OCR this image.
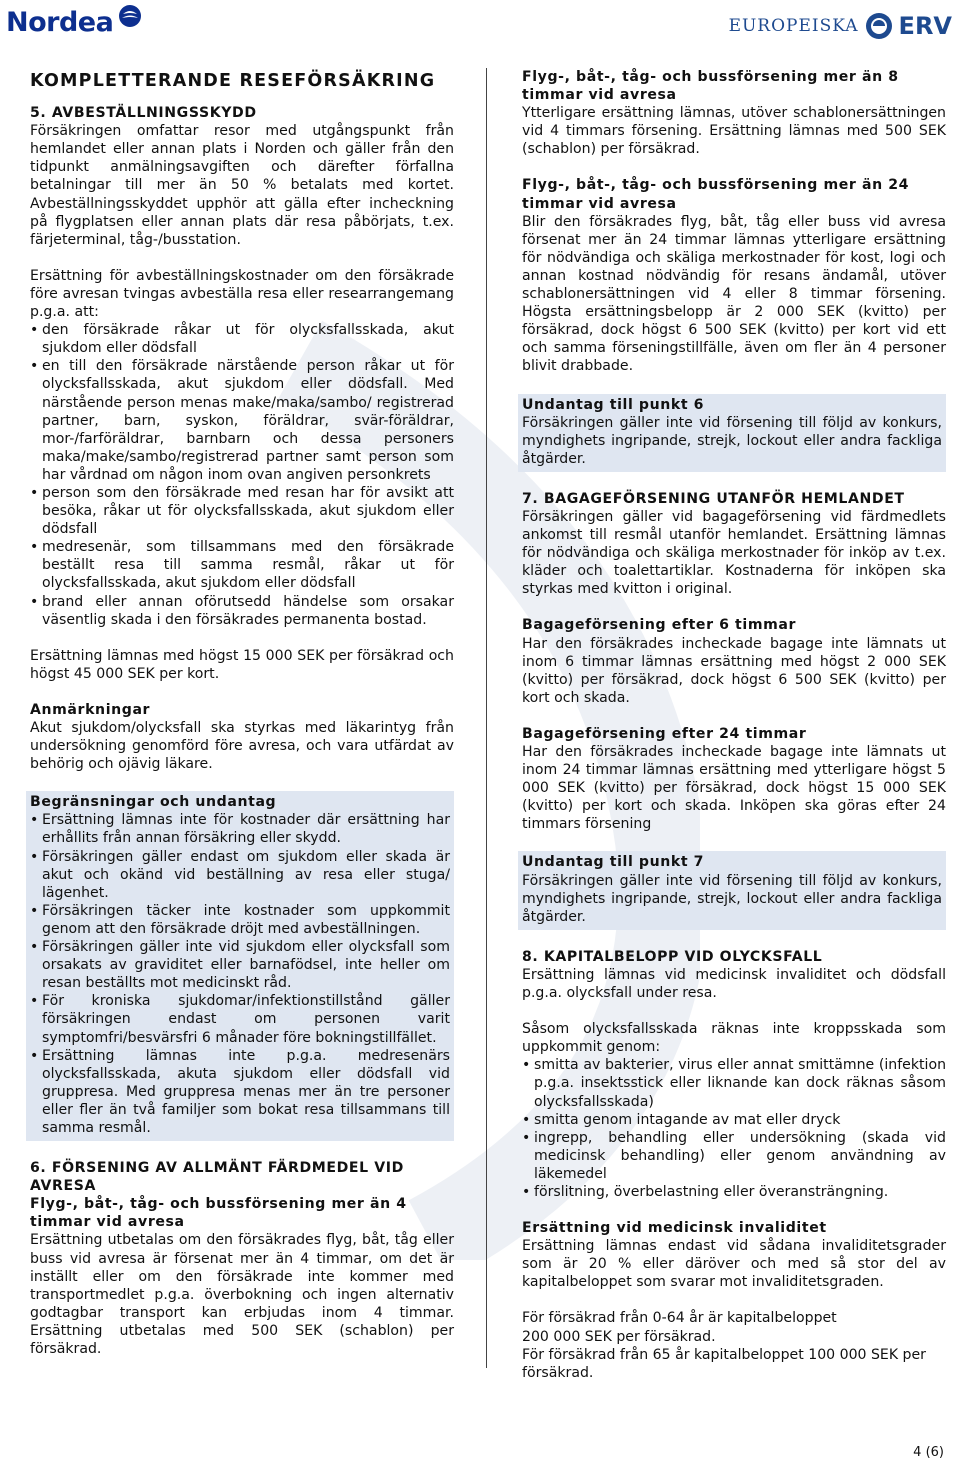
Nordea	EUROPEISKA ERV
KOMPLETTERANDE RESEFÖRSÄKRING
5. AVBESTÄLLNINGSSKYDD

Försäkringen omfattar resor med utgångspunkt från hemlandet eller annan plats i Norden och gäller från den tidpunkt anmälningsavgiften och därefter förfallna betalningar till mer än 50 % betalats med kortet. Avbeställningsskyddet upphör att gälla efter incheckning på flygplatsen eller annan plats där resa påbörjats, t.ex. färjeterminal, tåg-/busstation.

Ersättning för avbeställningskostnader om den försäkrade före avresan tvingas avbeställa resa eller researrangemang p.g.a. att:

• den försäkrade råkar ut för olycksfallsskada, akut sjukdom eller dödsfall
• en till den försäkrade närstående person råkar ut för olycksfallsskada, akut sjukdom eller dödsfall. Med närstående person menas make/maka/sambo/ registrerad partner, barn, syskon, föräldrar, svär-föräldrar, mor-/farföräldrar, barnbarn och dessa personers maka/make/sambo/registrerad partner samt person som har vårdnad om någon inom ovan angiven personkrets
• person som den försäkrade med resan har för avsikt att besöka, råkar ut för olycksfallsskada, akut sjukdom eller dödsfall
• medresenär, som tillsammans med den försäkrade beställt resa till samma resmål, råkar ut för olycksfallsskada, akut sjukdom eller dödsfall
• brand eller annan oförutsedd händelse som orsakar väsentlig skada i den försäkrades permanenta bostad.

Ersättning lämnas med högst 15 000 SEK per försäkrad och högst 45 000 SEK per kort.

Anmärkningar

Akut sjukdom/olycksfall ska styrkas med läkarintyg från undersökning genomförd före avresa, och vara utfärdat av behörig och ojävig läkare.

Begränsningar och undantag
• Ersättning lämnas inte för kostnader där ersättning har erhållits från annan försäkring eller skydd.
• Försäkringen gäller endast om sjukdom eller skada är akut och okänd vid beställning av resa eller stuga/ lägenhet.
• Försäkringen täcker inte kostnader som uppkommit genom att den försäkrade dröjt med avbeställningen.
• Försäkringen gäller inte vid sjukdom eller olycksfall som orsakats av graviditet eller barnafödsel, inte heller om resan beställts mot medicinskt råd.
• För kroniska sjukdomar/infektionstillstånd gäller försäkringen endast om personen varit symptomfri/besvärsfri 6 månader före bokningstillfället.
• Ersättning lämnas inte p.g.a. medresenärs olycksfallsskada, akuta sjukdom eller dödsfall vid gruppresa. Med gruppresa menas mer än tre personer eller fler än två familjer som bokat resa tillsammans till samma resmål.
6. FÖRSENING AV ALLMÄNT FÄRDMEDEL VID AVRESA
Flyg-, båt-, tåg- och bussförsening mer än 4 timmar vid avresa

Ersättning utbetalas om den försäkrades flyg, båt, tåg eller buss vid avresa är försenat mer än 4 timmar, om det är inställt eller om den försäkrade inte kommer med transportmedlet p.g.a. överbokning och ingen alternativ godtagbar transport kan erbjudas inom 4 timmar. Ersättning utbetalas med 500 SEK (schablon) per försäkrad.

Flyg-, båt-, tåg- och bussförsening mer än 8 timmar vid avresa

Ytterligare ersättning lämnas, utöver schablonersättningen vid 4 timmars försening. Ersättning lämnas med 500 SEK (schablon) per försäkrad.

Flyg-, båt-, tåg- och bussförsening mer än 24 timmar vid avresa

Blir den försäkrades flyg, båt, tåg eller buss vid avresa försenat mer än 24 timmar lämnas ytterligare ersättning för nödvändiga och skäliga merkostnader för kost, logi och annan kostnad nödvändig för resans ändamål, utöver schablonersättningen vid 4 eller 8 timmar försening. Högsta ersättningsbelopp är 2 000 SEK (kvitto) per försäkrad, dock högst 6 500 SEK (kvitto) per kort vid ett och samma förseningstillfälle, även om fler än 4 personer blivit drabbade.

Undantag till punkt 6

Försäkringen gäller inte vid försening till följd av konkurs, myndighets ingripande, strejk, lockout eller andra fackliga åtgärder.

7. BAGAGEFÖRSENING UTANFÖR HEMLANDET

Försäkringen gäller vid bagageförsening vid färdmedlets ankomst till resmål utanför hemlandet. Ersättning lämnas för nödvändiga och skäliga merkostnader för inköp av t.ex. kläder och toalettartiklar. Kostnaderna för inköpen ska styrkas med kvitton i original.

Bagageförsening efter 6 timmar

Har den försäkrades incheckade bagage inte lämnats ut inom 6 timmar lämnas ersättning med högst 2 000 SEK (kvitto) per försäkrad, dock högst 6 500 SEK (kvitto) per kort och skada.

Bagageförsening efter 24 timmar

Har den försäkrades incheckade bagage inte lämnats ut inom 24 timmar lämnas ersättning med ytterligare högst 5 000 SEK (kvitto) per försäkrad, dock högst 15 000 SEK (kvitto) per kort och skada. Inköpen ska göras efter 24 timmars försening

Undantag till punkt 7

Försäkringen gäller inte vid försening till följd av konkurs, myndighets ingripande, strejk, lockout eller andra fackliga åtgärder.

8. KAPITALBELOPP VID OLYCKSFALL

Ersättning lämnas vid medicinsk invaliditet och dödsfall p.g.a. olycksfall under resa.

Såsom olycksfallsskada räknas inte kroppsskada som uppkommit genom:

• smitta av bakterier, virus eller annat smittämne (infektion p.g.a. insektsstick eller liknande kan dock räknas såsom olycksfallsskada)
• smitta genom intagande av mat eller dryck
• ingrepp, behandling eller undersökning (skada vid medicinsk behandling) eller genom användning av läkemedel
• förslitning, överbelastning eller överansträngning.
Ersättning vid medicinsk invaliditet

Ersättning lämnas endast vid sådana invaliditetsgrader som är 20 % eller däröver och med så stor del av kapitalbeloppet som svarar mot invaliditetsgraden.

För försäkrad från 0-64 år är kapitalbeloppet
200 000 SEK per försäkrad.
För försäkrad från 65 år kapitalbeloppet 100 000 SEK per försäkrad.
4 (6)
